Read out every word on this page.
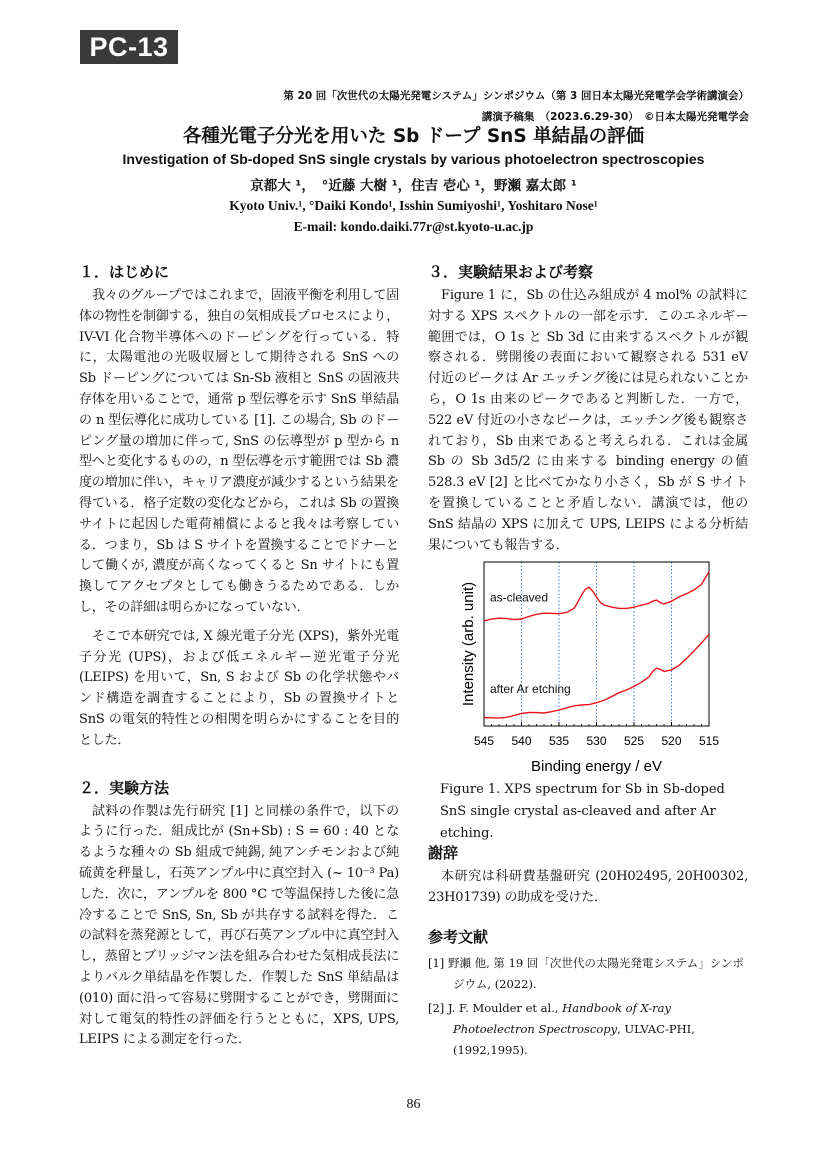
PC-13
第 20 回「次世代の太陽光発電システム」シンポジウム（第 3 回日本太陽光発電学会学術講演会）
講演予稿集　（2023.6.29-30）　©日本太陽光発電学会
各種光電子分光を用いた Sb ドープ SnS 単結晶の評価
Investigation of Sb-doped SnS single crystals by various photoelectron spectroscopies
京都大 ¹，　°近藤 大樹 ¹，住吉 壱心 ¹，野瀬 嘉太郎 ¹
Kyoto Univ.¹, °Daiki Kondo¹, Isshin Sumiyoshi¹, Yoshitaro Nose¹
E-mail: kondo.daiki.77r@st.kyoto-u.ac.jp
１．はじめに

我々のグループではこれまで，固液平衡を利用して固体の物性を制御する，独自の気相成長プロセスにより，IV-VI 化合物半導体へのドーピングを行っている．特に，太陽電池の光吸収層として期待される SnS への Sb ドーピングについては Sn-Sb 液相と SnS の固液共存体を用いることで，通常 p 型伝導を示す SnS 単結晶の n 型伝導化に成功している [1]. この場合, Sb のドーピング量の増加に伴って, SnS の伝導型が p 型から n 型へと変化するものの，n 型伝導を示す範囲では Sb 濃度の増加に伴い，キャリア濃度が減少するという結果を得ている．格子定数の変化などから，これは Sb の置換サイトに起因した電荷補償によると我々は考察している．つまり，Sb は S サイトを置換することでドナーとして働くが, 濃度が高くなってくると Sn サイトにも置換してアクセプタとしても働きうるためである．しかし，その詳細は明らかになっていない．

そこで本研究では, X 線光電子分光 (XPS)，紫外光電子分光 (UPS)，および低エネルギー逆光電子分光 (LEIPS) を用いて，Sn, S および Sb の化学状態やバンド構造を調査することにより，Sb の置換サイトと SnS の電気的特性との相関を明らかにすることを目的とした．

２．実験方法

試料の作製は先行研究 [1] と同様の条件で，以下のように行った．組成比が (Sn+Sb) : S = 60 : 40 となるような種々の Sb 組成で純錫, 純アンチモンおよび純硫黄を秤量し，石英アンプル中に真空封入 (~ 10⁻³ Pa) した．次に，アンプルを 800 °C で等温保持した後に急冷することで SnS, Sn, Sb が共存する試料を得た．この試料を蒸発源として，再び石英アンプル中に真空封入し，蒸留とブリッジマン法を組み合わせた気相成長法によりバルク単結晶を作製した．作製した SnS 単結晶は (010) 面に沿って容易に劈開することができ，劈開面に対して電気的特性の評価を行うとともに，XPS, UPS, LEIPS による測定を行った．

３．実験結果および考察

Figure 1 に，Sb の仕込み組成が 4 mol% の試料に対する XPS スペクトルの一部を示す．このエネルギー範囲では，O 1s と Sb 3d に由来するスペクトルが観察される．劈開後の表面において観察される 531 eV 付近のピークは Ar エッチング後には見られないことから，O 1s 由来のピークであると判断した．一方で，522 eV 付近の小さなピークは，エッチング後も観察されており，Sb 由来であると考えられる．これは金属 Sb の Sb 3d5/2 に由来する binding energy の値 528.3 eV [2] と比べてかなり小さく，Sb が S サイトを置換していることと矛盾しない．講演では，他の SnS 結晶の XPS に加えて UPS, LEIPS による分析結果についても報告する．

545 540 535 530 525 520 515
as-cleaved
after Ar etching
Binding energy / eV
Intensity (arb. unit)

Figure 1. XPS spectrum for Sb in Sb-doped SnS single crystal as-cleaved and after Ar etching.

謝辞

本研究は科研費基盤研究 (20H02495, 20H00302, 23H01739) の助成を受けた．

参考文献

[1] 野瀬 他, 第 19 回「次世代の太陽光発電システム」シンポジウム, (2022).

[2] J. F. Moulder et al., Handbook of X-ray Photoelectron Spectroscopy, ULVAC-PHI, (1992,1995).

86
